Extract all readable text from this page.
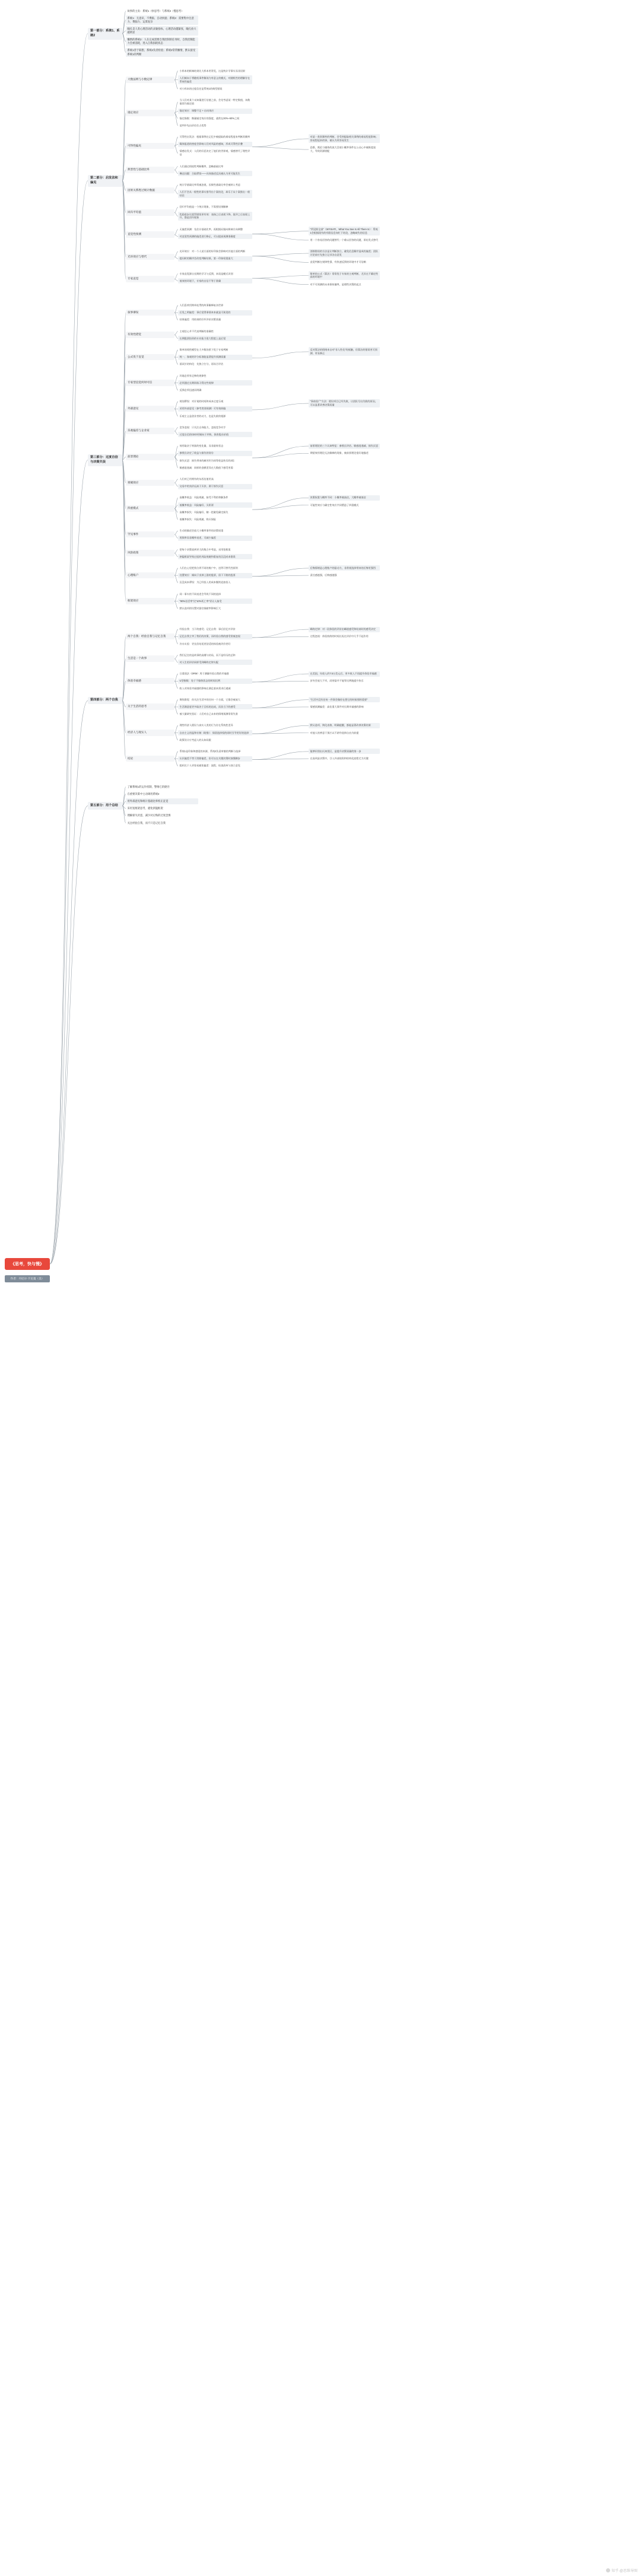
《思考，快与慢》
作者：丹尼尔·卡尼曼（美）
故事的主角：系统1（快思考）与系统2（慢思考）
系统1：无意识、不费脑、自动快速；系统2：需要集中注意力、费脑力、运算复杂
瞳孔是人类心理活动的灵敏指标，心理活动越紧张，瞳孔放大越明显
懒惰的系统2：人在完成需要自我控制的任务时，自我控制能力会被消耗，进入自我损耗状态
系统1善于联想，系统2负责检验；系统2常常懒惰，默认接受系统1的判断
第一部分：系统1、系统2
小样本的极端结果比大样本更常见，这是统计学事实而非因果
人们倾向于将随机事件解读为有意义的模式，对随机性的理解存在系统性偏差
对小样本的过度信任是系统1的典型错误
大数法则与小数定律
当人们对某个未知量进行估值之前，会先考虑某一特定数值，该数值即为锚定值
锚定效应：调整不足 + 启动效应
锚定指数：衡量锚定效应的强度，通常在30%~50%之间
谈判中先出价往往占优势
锚定效应
可得性启发法：根据事例在记忆中被提取的难易程度来判断其概率
媒体报道的密度会影响人们对风险的感知，形成可得性层叠
情感启发式：人们的好恶决定了他们的世界观，情感替代了理性评估
对某一类别频率的判断，会受到提取相关事例的难易程度影响；容易想起来的事，被认为更容易发生
恐惧、舆论与媒体的放大会使小概率事件在公众心中被极度放大，导致资源错配
可得性偏见
人们通过相似性判断概率，忽略基础比率
琳达问题：合取谬误——具体描述反而被认为更可能发生
典型性与基础比率
统计学基础比率常被忽视，因果性基础比率会被纳入考虑
人们不会从一般性的事实推导出个案结论，却乐于从个案推出一般结论
因果关系胜过统计数据
回归平均值是一个统计现象，不需要因果解释
奖励进步比惩罚错误更有效：表扬之后表现下降，批评之后表现上升，都是回归现象
回归平均值
无偏差预测：先估计基础比率，再根据证据向极端方向调整
对直觉性预测的偏差进行修正，可以提高预测准确度
“所见即全部”（WYSIATI，What You See Is All There Is）：系统1会根据现有的有限信息匆忙下结论，忽略缺失的信息
用一个容易回答的问题替代一个难以回答的问题，即启发式替代
直觉性预测
光环效应：对一个人某方面的好印象会影响对其他方面的判断
提问时的顺序会改变判断结果，第一印象权重最大
消除错误的方法是让判断独立，避免信息顺序造成的偏差；团队讨论前应先独立记录各自意见
直觉判断在规律性强、有快速反馈的环境中才可信赖
光环效应与替代
专家直觉源自长期的学习与反馈，本质是模式识别
低效的环境下，专家的自信不等于准确
简单的公式（算法）常常优于专家的主观判断，尤其在不确定性高的环境中
对不可预测的未来保持谦卑，是理性决策的起点
专家直觉
第二部分：启发法和偏见
人们喜欢用简单连贯的故事解释复杂世界
后见之明偏差：事后觉得事情本来就是可预见的
结果偏差：用结果的好坏评价决策质量
叙事谬误
主观信心并不代表判断的准确性
长期股票投资的专业能力很大程度上是幻觉
有效性错觉
简单的线性模型在大多数场景下优于专家判断
统一、客观的评分标准能显著提升预测质量
面试应结构化：先独立打分，再综合评估
反对算法的情绪来自对“非人性化”的抵触，但算法的错误更可预测、更易修正
公式优于直觉
环境必须有足够的规律性
必须通过长期训练习得这些规律
反馈必须迅速而明确
专家型直觉何时可信
规划谬误：对计划的时间和成本过度乐观
采用外部意见（参考类别预测）可有效纠偏
乐观主义是创业者的动力，也是失败的根源
“事前验尸”方法：假设项目已经失败，让团队写出失败的原因，可以显著改善决策质量
外部意见
竞争忽视：只关注自身能力，忽视竞争对手
过度自信的CEO更倾向于并购，损害股东价值
乐观偏差与企业家
效用取决于财富的变化量，而非最终状态
参照点决定了收益与损失的划分
损失厌恶：损失带来的痛苦约为同等收益快乐的2倍
敏感度递减：同样的金额差异在大数值下感受更弱
前景理论的三个认知特征：参照点评估、敏感度递减、损失厌恶
期望效用理论无法解释的现象，被前景理论很好地描述
前景理论
人们对已经拥有的东西估值更高
交易中的卖价远高于买价，源于损失厌恶
禀赋效应
高概率收益：风险规避，接受不利的和解条件
低概率收益：风险偏好，买彩票
高概率损失：风险偏好，赌一把避免确定损失
低概率损失：风险规避，购买保险
决策权重与概率不同：小概率被高估，大概率被低估
可能性效应与确定性效应共同塑造了四重模式
四重模式
生动的描述会放大小概率事件的决策权重
用频率而非概率表述，可减少偏差
罕见事件
把每个决策放到更大的集合中考虑，采用宽框架
狭隘框架导致过度的风险规避和重复的沉没成本错误
风险政策
人们在心里把钱分到不同的账户中，违背可替代性原则
处置效应：倾向于卖掉上涨的股票，留下下跌的股票
沉没成本谬误：为已经投入的成本继续追加投入
后悔情绪是心理账户的驱动力，非常规选择带来的后悔更强烈
责任感越强，后悔感越强
心理账户
同一事实的不同表述会导致不同的选择
“90%存活率”比“10%死亡率”更让人接受
默认选项的设置对器官捐献率影响巨大
框架效应
第三部分：过度自信与决策失误
经验自我：当下的感受；记忆自我：事后回忆并评价
记忆自我主宰了我们的决策，而经验自我的感受常被忽视
冷水实验：更长但结尾更舒适的体验被评价更好
峰终定律：对一段体验的评价由峰值感受和结束时的感受决定
过程忽视：体验持续的时间长短在评价中几乎不起作用
两个自我：经验自我与记忆自我
我们记住的是故事的高潮与结局，而不是经历的总和
对人生的评价同样受到峰终定律支配
生活是一个故事
日重现法（DRM）用于测量经验自我的幸福感
U型指数：处于不愉快状态的时间比例
收入对体验幸福感的影响在满足基本需求后递减
在美国，年收入约7.5万美元后，更多收入不再提升体验幸福感
贫穷会放大不幸，而财富并不能等比例地提升快乐
体验幸福感
聚焦错觉：你关注生活中的任何一个方面，它都会被放大
生活满意度更多取决于目标的达成，而非当下的感受
被大量研究验证：人们对自己未来的情绪预测常常失准
“生活中没有任何一件事会像你在想它的时候那样重要”
情感预测偏差：高估重大事件对长期幸福感的影响
关于生活的思考
理性经济人假设与真实人类的行为存在系统性差异
自由主义的温和专制（助推）：保留选择权的同时引导更好的选择
政策设计应考虑人的认知局限
默认选项、简化表格、明确提醒，都能显著改善决策结果
对他人的善意干预应以不剥夺选择自由为前提
经济人与现实人
系统1是印象和感觉的来源，系统2负责审慎的判断与选择
认识偏差不等于消除偏差，但可以在关键决策时放慢脚步
组织比个人更容易避免偏差：流程、检查清单与独立意见
能够识别出认知雷区，是提升决策质量的第一步
在高风险决策中，引入外部视角和结构化流程尤为关键
结论
第四部分：两个自我
了解系统1的运作机制，警惕它的捷径
在重要决策中主动调用系统2
用外部意见和统计基础比率校正直觉
采用宽框架思考，避免狭隘框架
理解损失厌恶，减少对后悔的过度恐惧
关注经验自我，而不只是记忆自我
第五部分：用个总结
知乎 @思维导图
